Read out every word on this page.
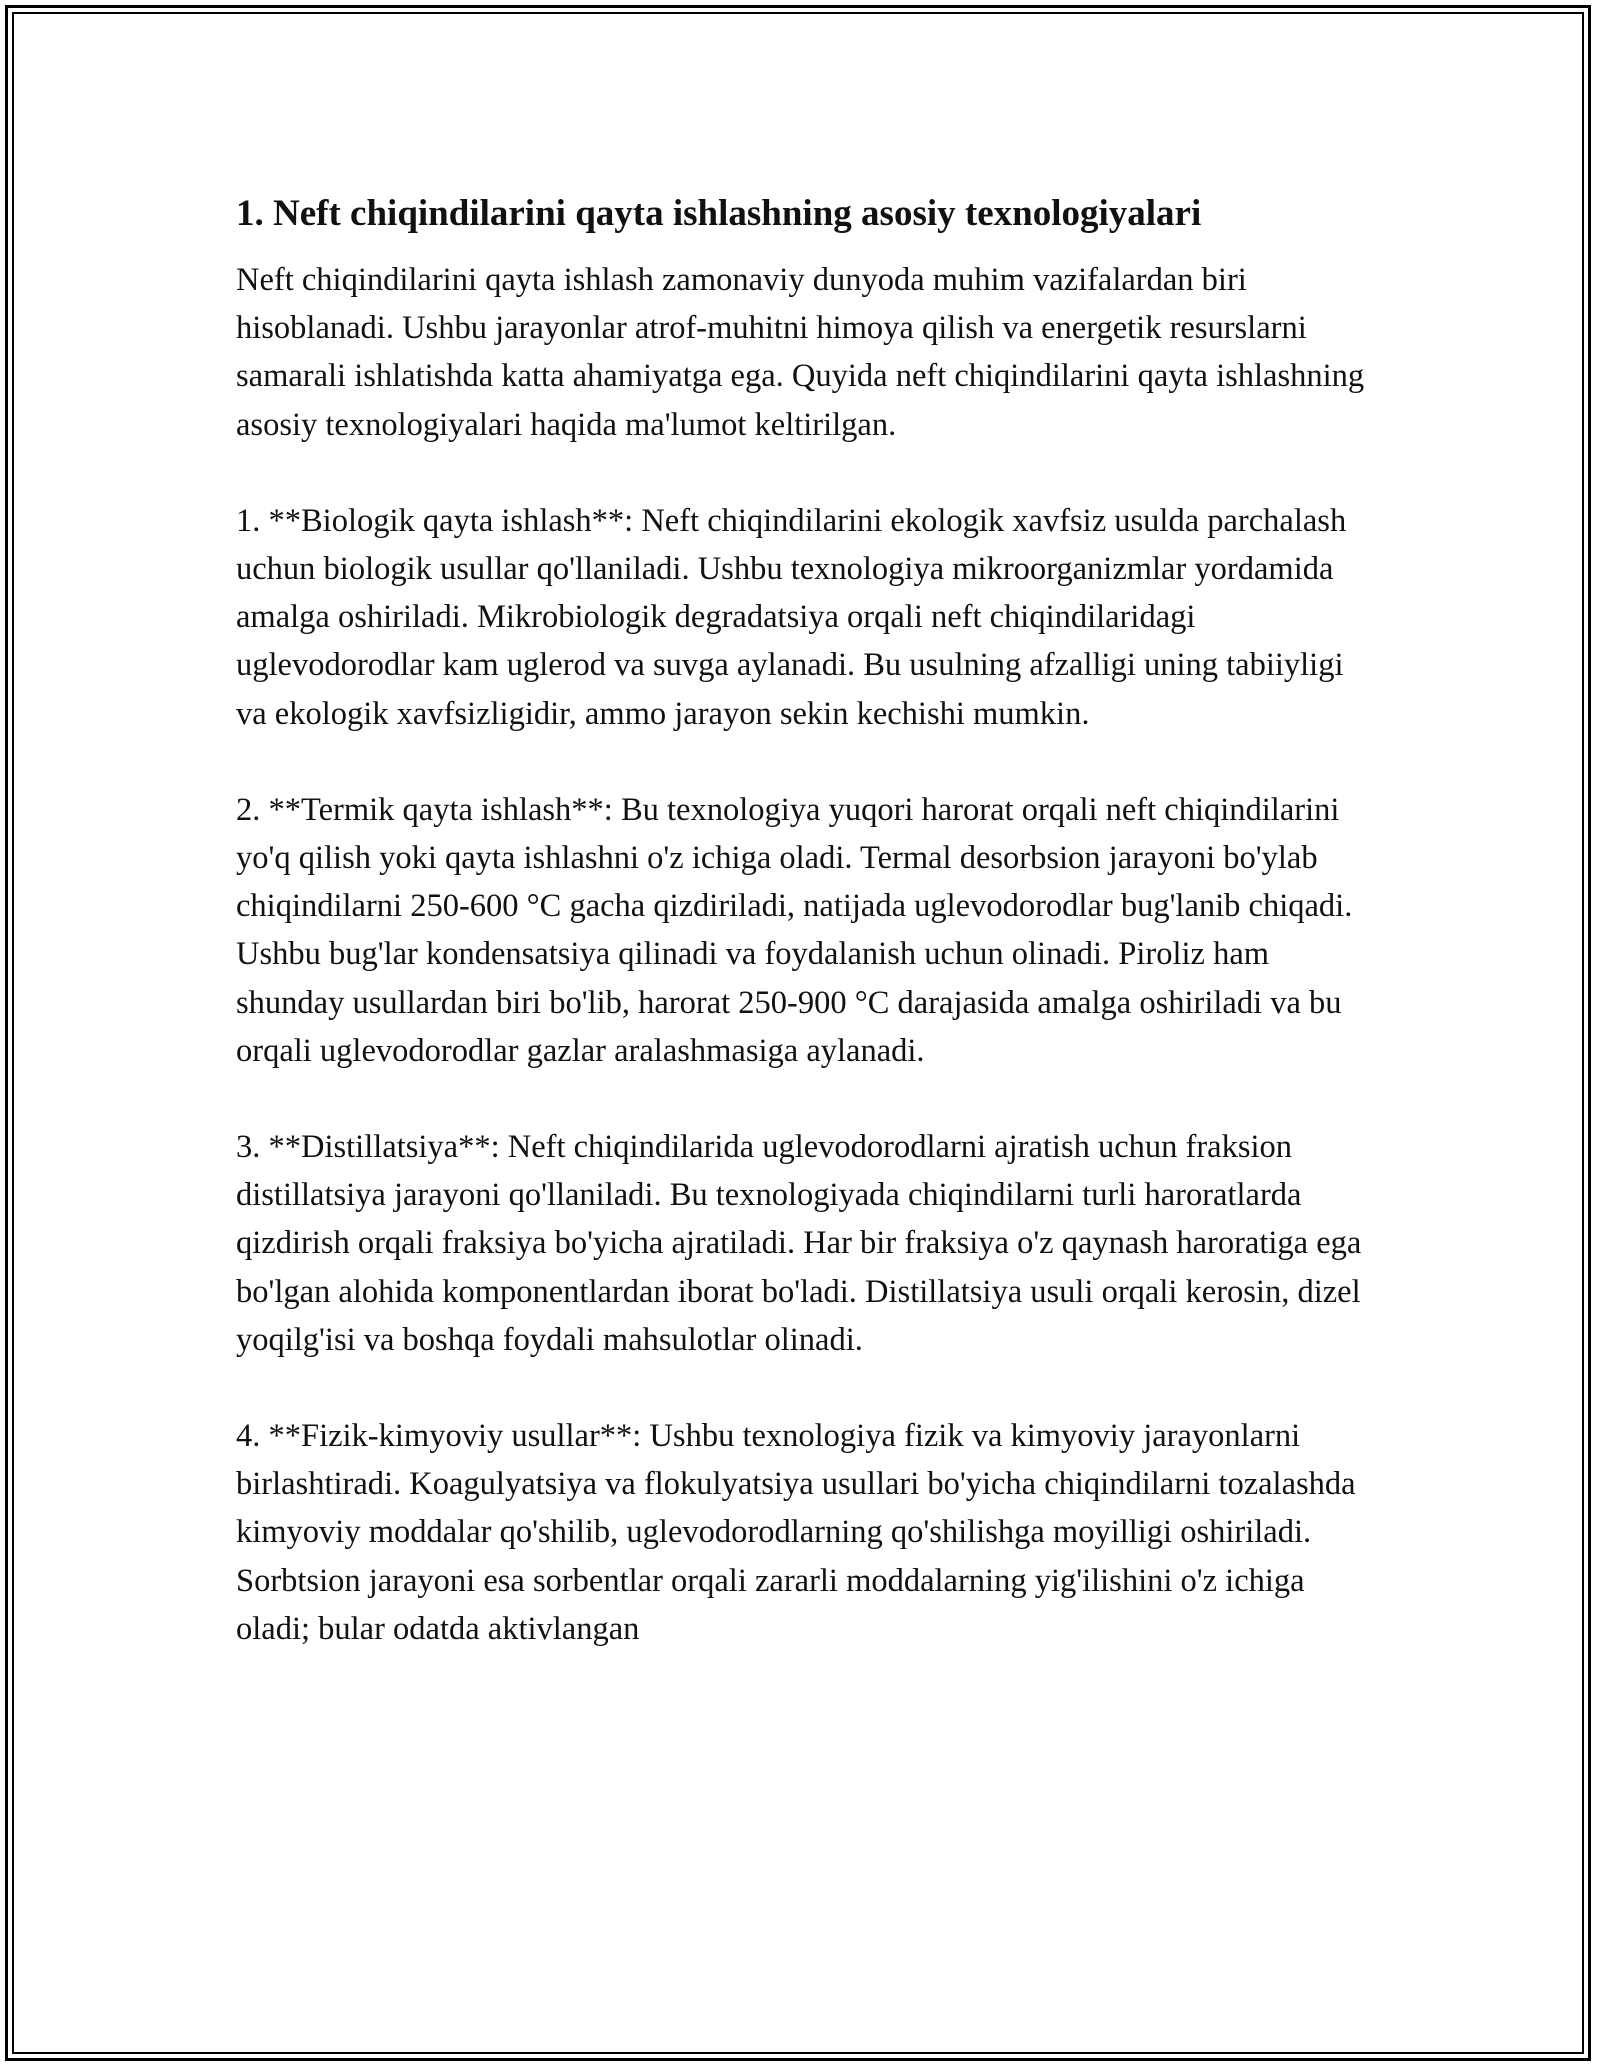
1. Neft chiqindilarini qayta ishlashning asosiy texnologiyalari

Neft chiqindilarini qayta ishlash zamonaviy dunyoda muhim vazifalardan biri hisoblanadi. Ushbu jarayonlar atrof-muhitni himoya qilish va energetik resurslarni samarali ishlatishda katta ahamiyatga ega. Quyida neft chiqindilarini qayta ishlashning asosiy texnologiyalari haqida ma'lumot keltirilgan.

1. **Biologik qayta ishlash**: Neft chiqindilarini ekologik xavfsiz usulda parchalash uchun biologik usullar qo'llaniladi. Ushbu texnologiya mikroorganizmlar yordamida amalga oshiriladi. Mikrobiologik degradatsiya orqali neft chiqindilaridagi uglevodorodlar kam uglerod va suvga aylanadi. Bu usulning afzalligi uning tabiiyligi va ekologik xavfsizligidir, ammo jarayon sekin kechishi mumkin.

2. **Termik qayta ishlash**: Bu texnologiya yuqori harorat orqali neft chiqindilarini yo'q qilish yoki qayta ishlashni o'z ichiga oladi. Termal desorbsion jarayoni bo'ylab chiqindilarni 250-600 °C gacha qizdiriladi, natijada uglevodorodlar bug'lanib chiqadi. Ushbu bug'lar kondensatsiya qilinadi va foydalanish uchun olinadi. Piroliz ham shunday usullardan biri bo'lib, harorat 250-900 °C darajasida amalga oshiriladi va bu orqali uglevodorodlar gazlar aralashmasiga aylanadi.

3. **Distillatsiya**: Neft chiqindilarida uglevodorodlarni ajratish uchun fraksion distillatsiya jarayoni qo'llaniladi. Bu texnologiyada chiqindilarni turli haroratlarda qizdirish orqali fraksiya bo'yicha ajratiladi. Har bir fraksiya o'z qaynash haroratiga ega bo'lgan alohida komponentlardan iborat bo'ladi. Distillatsiya usuli orqali kerosin, dizel yoqilg'isi va boshqa foydali mahsulotlar olinadi.

4. **Fizik-kimyoviy usullar**: Ushbu texnologiya fizik va kimyoviy jarayonlarni birlashtiradi. Koagulyatsiya va flokulyatsiya usullari bo'yicha chiqindilarni tozalashda kimyoviy moddalar qo'shilib, uglevodorodlarning qo'shilishga moyilligi oshiriladi. Sorbtsion jarayoni esa sorbentlar orqali zararli moddalarning yig'ilishini o'z ichiga oladi; bular odatda aktivlangan
